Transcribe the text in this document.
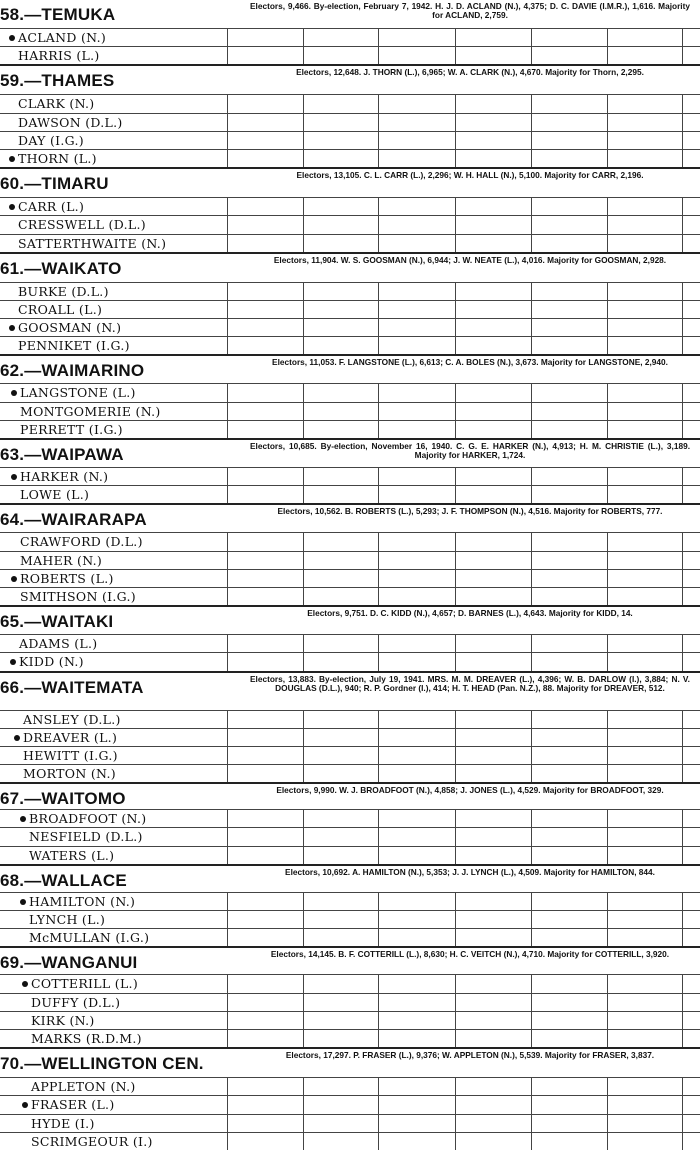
58.—TEMUKA	Electors, 9,466. By-election, February 7, 1942. H. J. D. ACLAND (N.), 4,375; D. C. DAVIE (I.M.R.), 1,616. Majority for ACLAND, 2,759.
ACLAND (N.)
HARRIS (L.)
59.—THAMES	Electors, 12,648. J. THORN (L.), 6,965; W. A. CLARK (N.), 4,670. Majority for Thorn, 2,295.
CLARK (N.)
DAWSON (D.L.)
DAY (I.G.)
THORN (L.)
60.—TIMARU	Electors, 13,105. C. L. CARR (L.), 2,296; W. H. HALL (N.), 5,100. Majority for CARR, 2,196.
CARR (L.)
CRESSWELL (D.L.)
SATTERTHWAITE (N.)
61.—WAIKATO	Electors, 11,904. W. S. GOOSMAN (N.), 6,944; J. W. NEATE (L.), 4,016. Majority for GOOSMAN, 2,928.
BURKE (D.L.)
CROALL (L.)
GOOSMAN (N.)
PENNIKET (I.G.)
62.—WAIMARINO	Electors, 11,053. F. LANGSTONE (L.), 6,613; C. A. BOLES (N.), 3,673. Majority for LANGSTONE, 2,940.
LANGSTONE (L.)
MONTGOMERIE (N.)
PERRETT (I.G.)
63.—WAIPAWA	Electors, 10,685. By-election, November 16, 1940. C. G. E. HARKER (N.), 4,913; H. M. CHRISTIE (L.), 3,189. Majority for HARKER, 1,724.
HARKER (N.)
LOWE (L.)
64.—WAIRARAPA	Electors, 10,562. B. ROBERTS (L.), 5,293; J. F. THOMPSON (N.), 4,516. Majority for ROBERTS, 777.
CRAWFORD (D.L.)
MAHER (N.)
ROBERTS (L.)
SMITHSON (I.G.)
65.—WAITAKI	Electors, 9,751. D. C. KIDD (N.), 4,657; D. BARNES (L.), 4,643. Majority for KIDD, 14.
ADAMS (L.)
KIDD (N.)
66.—WAITEMATA	Electors, 13,883. By-election, July 19, 1941. MRS. M. M. DREAVER (L.), 4,396; W. B. DARLOW (I.), 3,884; N. V. DOUGLAS (D.L.), 940; R. P. Gordner (I.), 414; H. T. HEAD (Pan. N.Z.), 88. Majority for DREAVER, 512.
ANSLEY (D.L.)
DREAVER (L.)
HEWITT (I.G.)
MORTON (N.)
67.—WAITOMO	Electors, 9,990. W. J. BROADFOOT (N.), 4,858; J. JONES (L.), 4,529. Majority for BROADFOOT, 329.
BROADFOOT (N.)
NESFIELD (D.L.)
WATERS (L.)
68.—WALLACE	Electors, 10,692. A. HAMILTON (N.), 5,353; J. J. LYNCH (L.), 4,509. Majority for HAMILTON, 844.
HAMILTON (N.)
LYNCH (L.)
McMULLAN (I.G.)
69.—WANGANUI	Electors, 14,145. B. F. COTTERILL (L.), 8,630; H. C. VEITCH (N.), 4,710. Majority for COTTERILL, 3,920.
COTTERILL (L.)
DUFFY (D.L.)
KIRK (N.)
MARKS (R.D.M.)
70.—WELLINGTON CEN.	Electors, 17,297. P. FRASER (L.), 9,376; W. APPLETON (N.), 5,539. Majority for FRASER, 3,837.
APPLETON (N.)
FRASER (L.)
HYDE (I.)
SCRIMGEOUR (I.)
